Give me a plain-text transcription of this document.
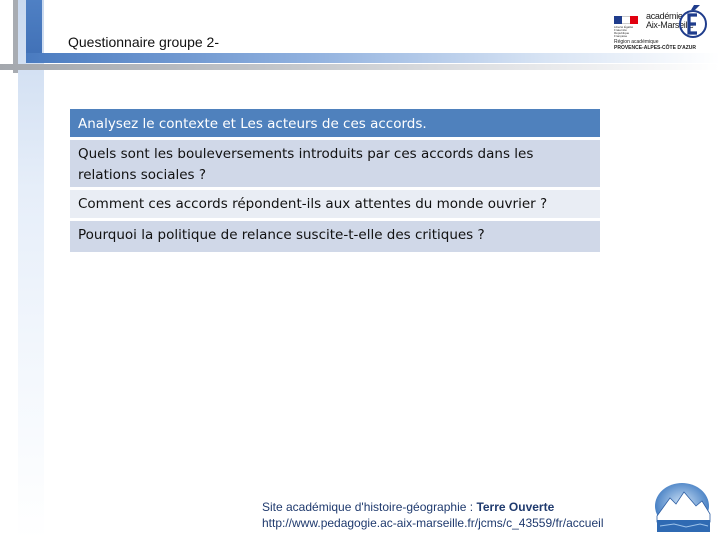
Questionnaire groupe 2-
Liberté Égalité Fraternité République Française
académie
Aix-Marseille
Région académique
PROVENCE-ALPES-CÔTE D'AZUR
Analysez le contexte et Les acteurs de ces accords.
Quels sont les bouleversements introduits par ces accords dans les relations sociales ?
Comment ces accords répondent-ils aux attentes du monde ouvrier ?
Pourquoi la politique de relance suscite-t-elle des critiques ?
Site académique d'histoire-géographie : Terre Ouverte
http://www.pedagogie.ac-aix-marseille.fr/jcms/c_43559/fr/accueil
